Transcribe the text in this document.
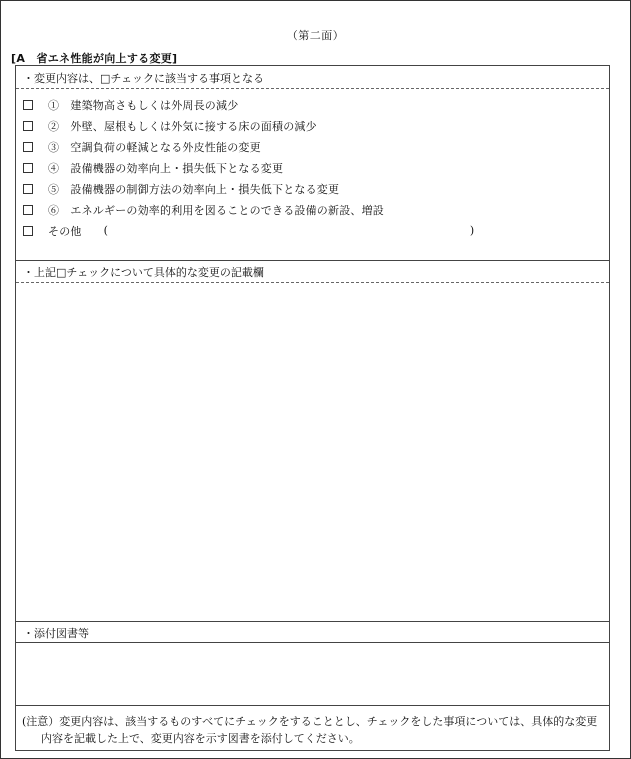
（第二面）
[A　省エネ性能が向上する変更]
・変更内容は、□チェックに該当する事項となる
①　建築物高さもしくは外周長の減少
②　外壁、屋根もしくは外気に接する床の面積の減少
③　空調負荷の軽減となる外皮性能の変更
④　設備機器の効率向上・損失低下となる変更
⑤　設備機器の制御方法の効率向上・損失低下となる変更
⑥　エネルギーの効率的利用を図ることのできる設備の新設、増設
その他 (	)
・上記□チェックについて具体的な変更の記載欄
・添付図書等
(注意）変更内容は、該当するものすべてにチェックをすることとし、チェックをした事項については、具体的な変更
内容を記載した上で、変更内容を示す図書を添付してください。
